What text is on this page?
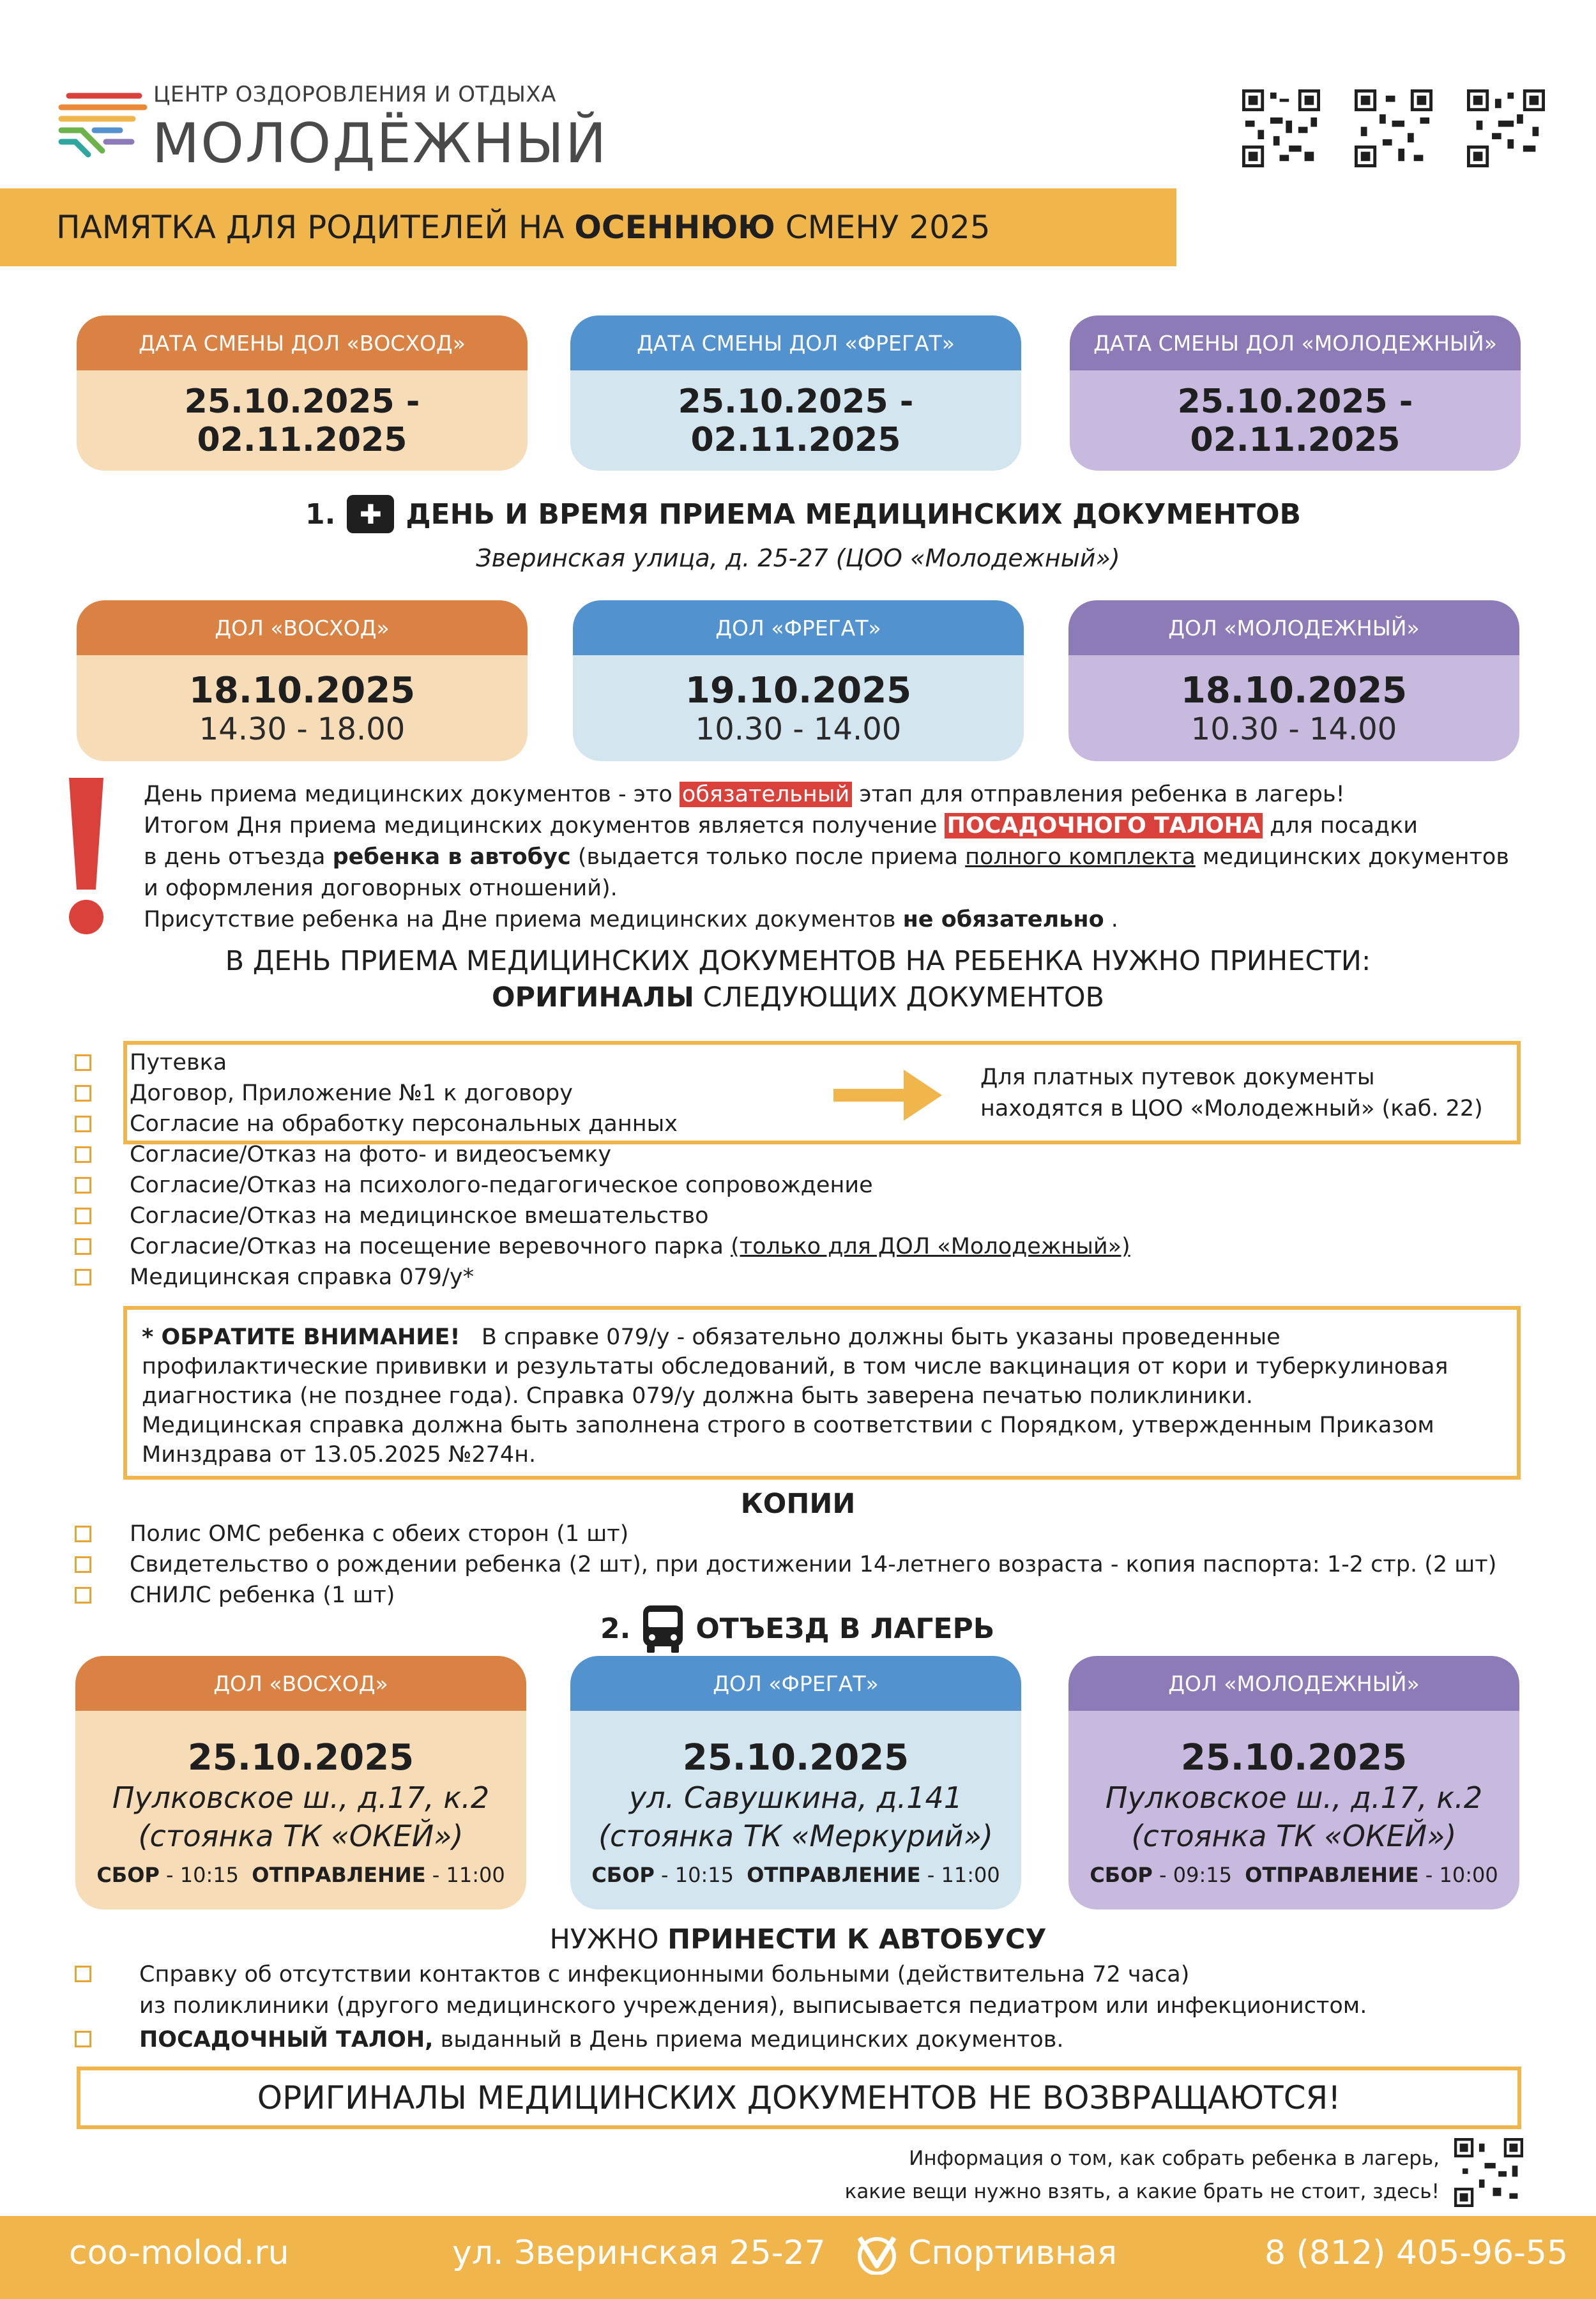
ЦЕНТР ОЗДОРОВЛЕНИЯ И ОТДЫХА
МОЛОДЁЖНЫЙ
ПАМЯТКА ДЛЯ РОДИТЕЛЕЙ НА ОСЕННЮЮ СМЕНУ 2025
ДАТА СМЕНЫ ДОЛ «ВОСХОД»
25.10.2025 - 02.11.2025
ДАТА СМЕНЫ ДОЛ «ФРЕГАТ»
25.10.2025 - 02.11.2025
ДАТА СМЕНЫ ДОЛ «МОЛОДЕЖНЫЙ»
25.10.2025 - 02.11.2025
1. ✚ ДЕНЬ И ВРЕМЯ ПРИЕМА МЕДИЦИНСКИХ ДОКУМЕНТОВ
Зверинская улица, д. 25-27 (ЦОО «Молодежный»)
ДОЛ «ВОСХОД»
18.10.2025
14.30 - 18.00
ДОЛ «ФРЕГАТ»
19.10.2025
10.30 - 14.00
ДОЛ «МОЛОДЕЖНЫЙ»
18.10.2025
10.30 - 14.00
День приема медицинских документов - это обязательный этап для отправления ребенка в лагерь!
Итогом Дня приема медицинских документов является получение ПОСАДОЧНОГО ТАЛОНА для посадки
в день отъезда ребенка в автобус (выдается только после приема полного комплекта медицинских документов
и оформления договорных отношений).
Присутствие ребенка на Дне приема медицинских документов не обязательно .
В ДЕНЬ ПРИЕМА МЕДИЦИНСКИХ ДОКУМЕНТОВ НА РЕБЕНКА НУЖНО ПРИНЕСТИ:
ОРИГИНАЛЫ СЛЕДУЮЩИХ ДОКУМЕНТОВ
Для платных путевок документы
находятся в ЦОО «Молодежный» (каб. 22)
Путевка
Договор, Приложение №1 к договору
Согласие на обработку персональных данных
Согласие/Отказ на фото- и видеосъемку
Согласие/Отказ на психолого-педагогическое сопровождение
Согласие/Отказ на медицинское вмешательство
Согласие/Отказ на посещение веревочного парка (только для ДОЛ «Молодежный»)
Медицинская справка 079/у*
* ОБРАТИТЕ ВНИМАНИЕ! В справке 079/у - обязательно должны быть указаны проведенные
профилактические прививки и результаты обследований, в том числе вакцинация от кори и туберкулиновая
диагностика (не позднее года). Справка 079/у должна быть заверена печатью поликлиники.
Медицинская справка должна быть заполнена строго в соответствии с Порядком, утвержденным Приказом
Минздрава от 13.05.2025 №274н.
КОПИИ
Полис ОМС ребенка с обеих сторон (1 шт)
Свидетельство о рождении ребенка (2 шт), при достижении 14-летнего возраста - копия паспорта: 1-2 стр. (2 шт)
СНИЛС ребенка (1 шт)
2. ОТЪЕЗД В ЛАГЕРЬ
ДОЛ «ВОСХОД»
25.10.2025
Пулковское ш., д.17, к.2
(стоянка ТК «ОКЕЙ»)
СБОР - 10:15 ОТПРАВЛЕНИЕ - 11:00
ДОЛ «ФРЕГАТ»
25.10.2025
ул. Савушкина, д.141
(стоянка ТК «Меркурий»)
СБОР - 10:15 ОТПРАВЛЕНИЕ - 11:00
ДОЛ «МОЛОДЕЖНЫЙ»
25.10.2025
Пулковское ш., д.17, к.2
(стоянка ТК «ОКЕЙ»)
СБОР - 09:15 ОТПРАВЛЕНИЕ - 10:00
НУЖНО ПРИНЕСТИ К АВТОБУСУ
Справку об отсутствии контактов с инфекционными больными (действительна 72 часа)
из поликлиники (другого медицинского учреждения), выписывается педиатром или инфекционистом.
ПОСАДОЧНЫЙ ТАЛОН, выданный в День приема медицинских документов.
ОРИГИНАЛЫ МЕДИЦИНСКИХ ДОКУМЕНТОВ НЕ ВОЗВРАЩАЮТСЯ!
Информация о том, как собрать ребенка в лагерь,
какие вещи нужно взять, а какие брать не стоит, здесь!
coo-molod.ru	ул. Зверинская 25-27 Спортивная	8 (812) 405-96-55
